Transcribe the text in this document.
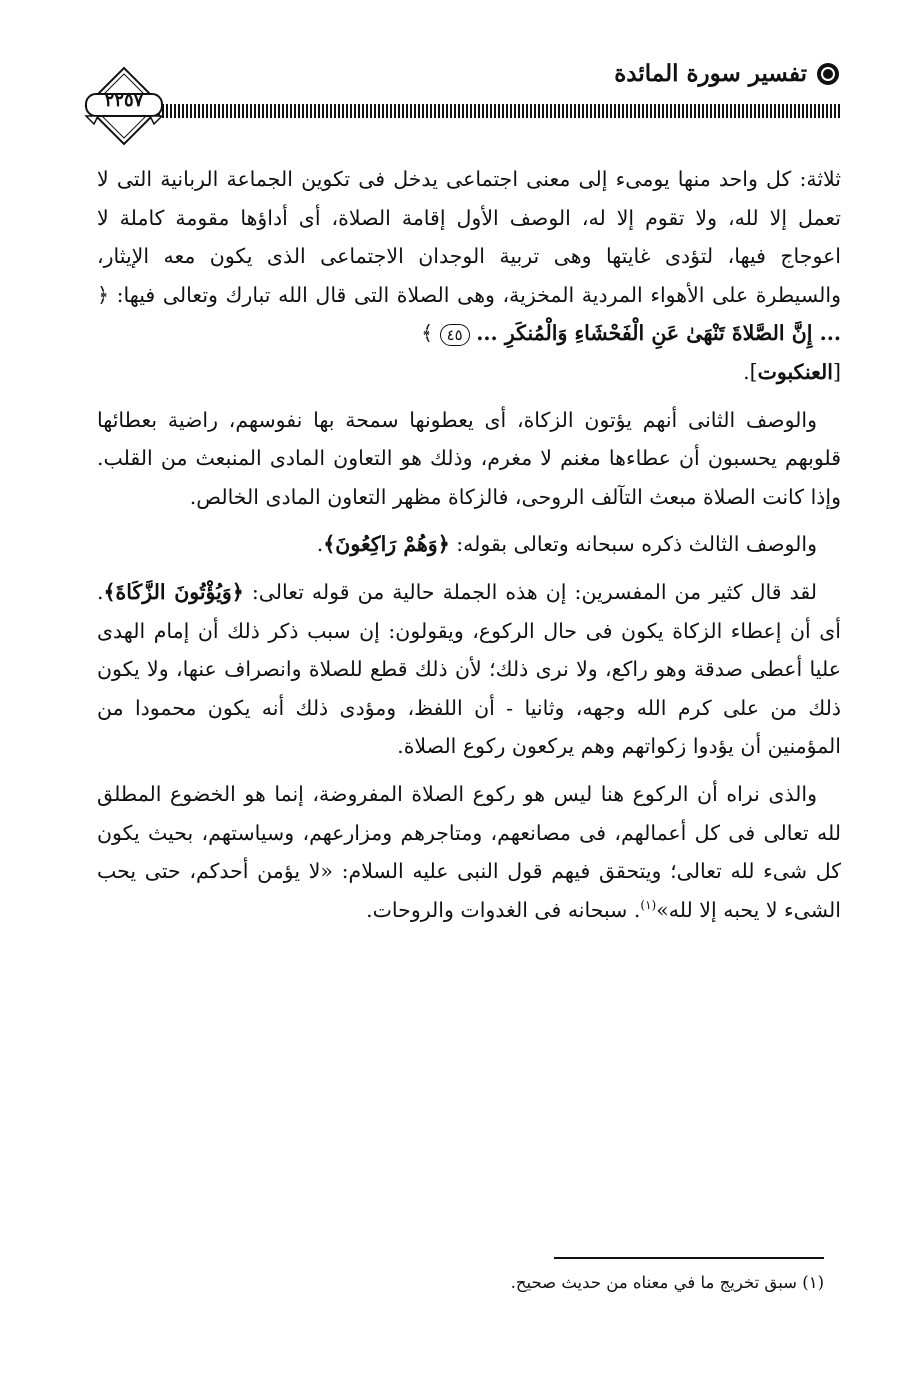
تفسير سورة المائدة
٢٢٥٧

ثلاثة: كل واحد منها يومىء إلى معنى اجتماعى يدخل فى تكوين الجماعة الربانية التى لا تعمل إلا لله، ولا تقوم إلا له، الوصف الأول إقامة الصلاة، أى أداؤها مقومة كاملة لا اعوجاج فيها، لتؤدى غايتها وهى تربية الوجدان الاجتماعى الذى يكون معه الإيثار، والسيطرة على الأهواء المردية المخزية، وهى الصلاة التى قال الله تبارك وتعالى فيها: ﴿ ... إِنَّ الصَّلاةَ تَنْهَىٰ عَنِ الْفَحْشَاءِ وَالْمُنكَرِ ... ٤٥ ﴾
[العنكبوت].

والوصف الثانى أنهم يؤتون الزكاة، أى يعطونها سمحة بها نفوسهم، راضية بعطائها قلوبهم يحسبون أن عطاءها مغنم لا مغرم، وذلك هو التعاون المادى المنبعث من القلب. وإذا كانت الصلاة مبعث التآلف الروحى، فالزكاة مظهر التعاون المادى الخالص.

والوصف الثالث ذكره سبحانه وتعالى بقوله: ﴿وَهُمْ رَاكِعُونَ﴾.

لقد قال كثير من المفسرين: إن هذه الجملة حالية من قوله تعالى: ﴿وَيُؤْتُونَ الزَّكَاةَ﴾. أى أن إعطاء الزكاة يكون فى حال الركوع، ويقولون: إن سبب ذكر ذلك أن إمام الهدى عليا أعطى صدقة وهو راكع، ولا نرى ذلك؛ لأن ذلك قطع للصلاة وانصراف عنها، ولا يكون ذلك من على كرم الله وجهه، وثانيا - أن اللفظ، ومؤدى ذلك أنه يكون محمودا من المؤمنين أن يؤدوا زكواتهم وهم يركعون ركوع الصلاة.

والذى نراه أن الركوع هنا ليس هو ركوع الصلاة المفروضة، إنما هو الخضوع المطلق لله تعالى فى كل أعمالهم، فى مصانعهم، ومتاجرهم ومزارعهم، وسياستهم، بحيث يكون كل شىء لله تعالى؛ ويتحقق فيهم قول النبى عليه السلام: «لا يؤمن أحدكم، حتى يحب الشىء لا يحبه إلا لله»$^{(١)}$. سبحانه فى الغدوات والروحات.

(١) سبق تخريج ما في معناه من حديث صحيح.
